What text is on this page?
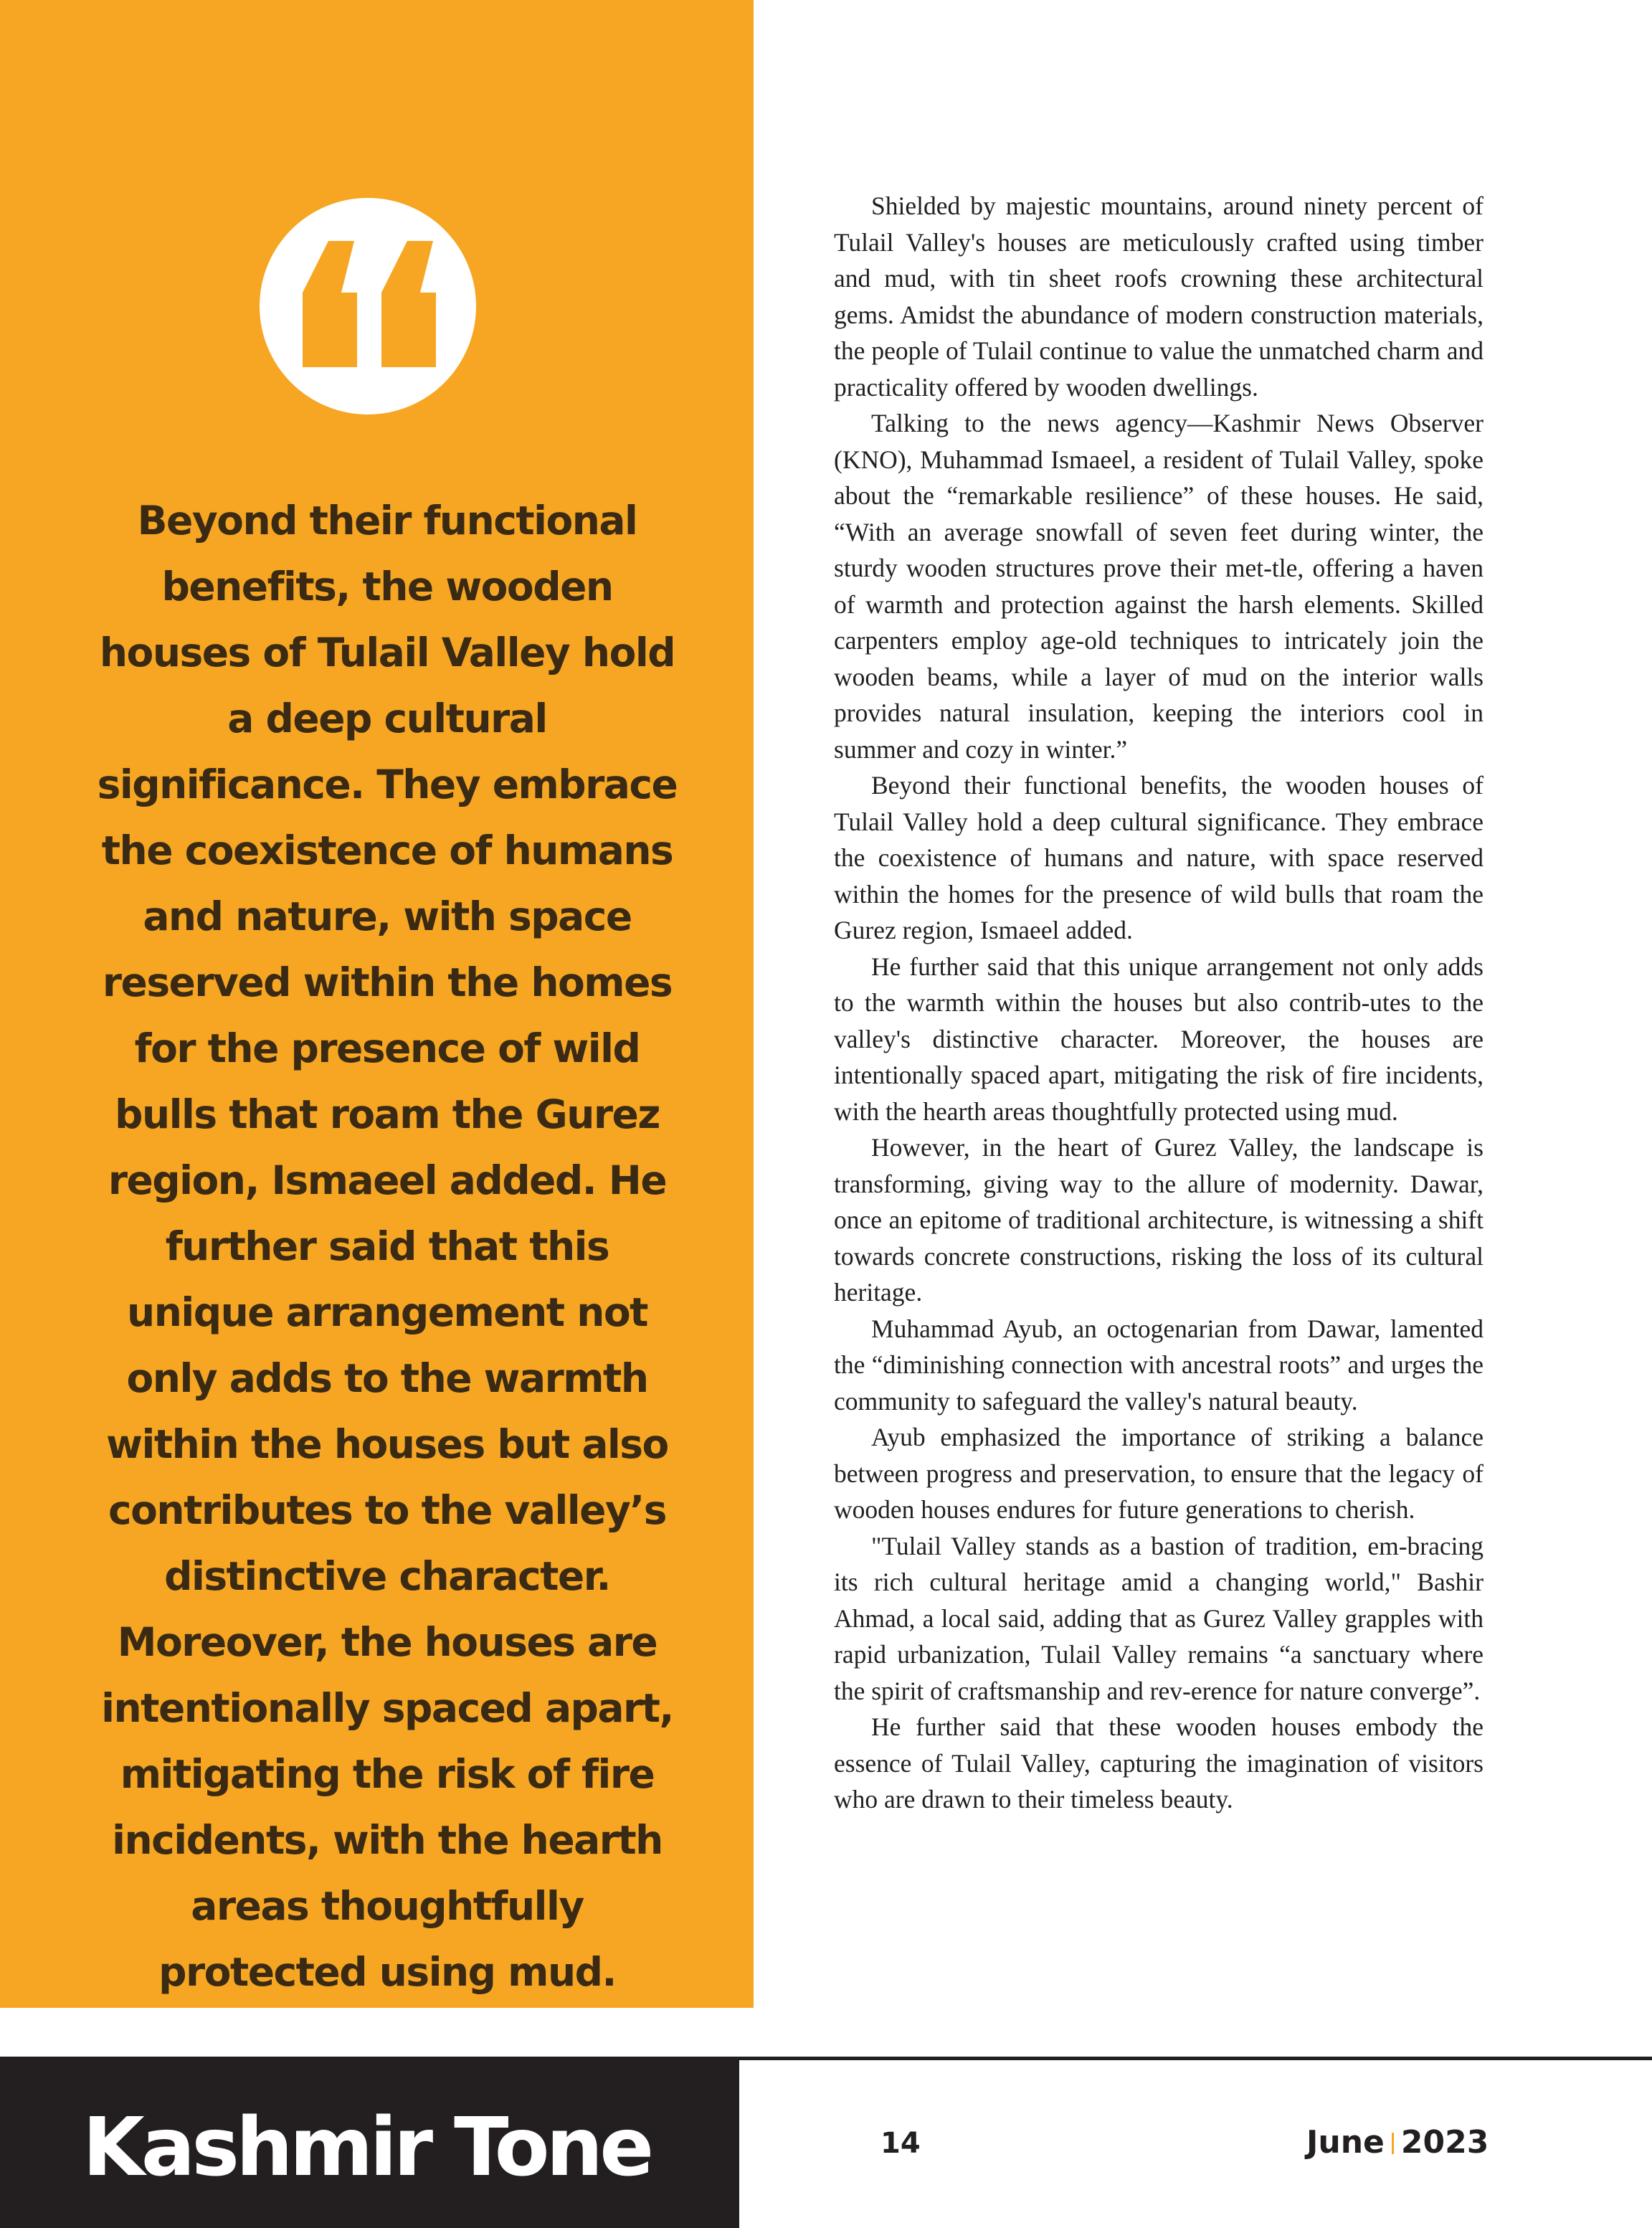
Beyond their functional benefits, the wooden houses of Tulail Valley hold a deep cultural significance. They embrace the coexistence of humans and nature, with space reserved within the homes for the presence of wild bulls that roam the Gurez region, Ismaeel added. He further said that this unique arrangement not only adds to the warmth within the houses but also contributes to the valley’s distinctive character. Moreover, the houses are intentionally spaced apart, mitigating the risk of fire incidents, with the hearth areas thoughtfully protected using mud.

Shielded by majestic mountains, around ninety percent of Tulail Valley's houses are meticulously crafted using timber and mud, with tin sheet roofs crowning these architectural gems. Amidst the abundance of modern construction materials, the people of Tulail continue to value the unmatched charm and practicality offered by wooden dwellings.

Talking to the news agency—Kashmir News Observer (KNO), Muhammad Ismaeel, a resident of Tulail Valley, spoke about the “remarkable resilience” of these houses. He said, “With an average snowfall of seven feet during winter, the sturdy wooden structures prove their met-tle, offering a haven of warmth and protection against the harsh elements. Skilled carpenters employ age-old techniques to intricately join the wooden beams, while a layer of mud on the interior walls provides natural insulation, keeping the interiors cool in summer and cozy in winter.”

Beyond their functional benefits, the wooden houses of Tulail Valley hold a deep cultural significance. They embrace the coexistence of humans and nature, with space reserved within the homes for the presence of wild bulls that roam the Gurez region, Ismaeel added.

He further said that this unique arrangement not only adds to the warmth within the houses but also contrib-utes to the valley's distinctive character. Moreover, the houses are intentionally spaced apart, mitigating the risk of fire incidents, with the hearth areas thoughtfully protected using mud.

However, in the heart of Gurez Valley, the landscape is transforming, giving way to the allure of modernity. Dawar, once an epitome of traditional architecture, is witnessing a shift towards concrete constructions, risking the loss of its cultural heritage.

Muhammad Ayub, an octogenarian from Dawar, lamented the “diminishing connection with ancestral roots” and urges the community to safeguard the valley's natural beauty.

Ayub emphasized the importance of striking a balance between progress and preservation, to ensure that the legacy of wooden houses endures for future generations to cherish.

"Tulail Valley stands as a bastion of tradition, em-bracing its rich cultural heritage amid a changing world," Bashir Ahmad, a local said, adding that as Gurez Valley grapples with rapid urbanization, Tulail Valley remains “a sanctuary where the spirit of craftsmanship and rev-erence for nature converge”.

He further said that these wooden houses embody the essence of Tulail Valley, capturing the imagination of visitors who are drawn to their timeless beauty.

Kashmir Tone	14	June 2023
